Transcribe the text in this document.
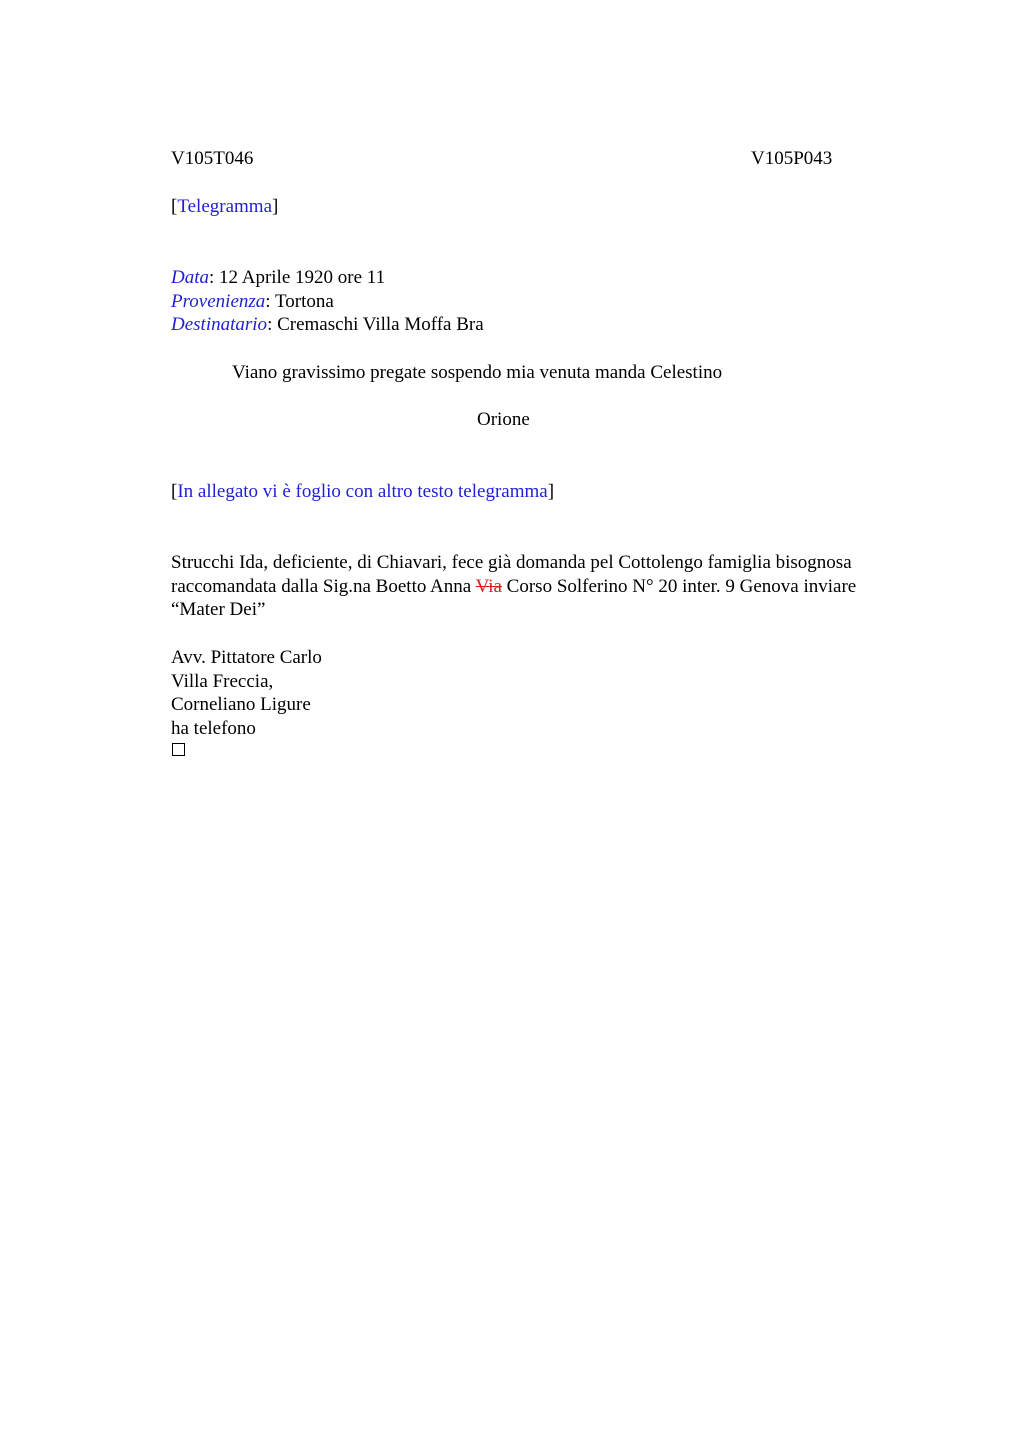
V105T046	V105P043
[Telegramma]
Data: 12 Aprile 1920 ore 11
Provenienza: Tortona
Destinatario: Cremaschi Villa Moffa Bra
Viano gravissimo pregate sospendo mia venuta manda Celestino
Orione
[In allegato vi è foglio con altro testo telegramma]
Strucchi Ida, deficiente, di Chiavari, fece già domanda pel Cottolengo famiglia bisognosa
raccomandata dalla Sig.na Boetto Anna Via Corso Solferino N° 20 inter. 9 Genova inviare
“Mater Dei”
Avv. Pittatore Carlo
Villa Freccia,
Corneliano Ligure
ha telefono
